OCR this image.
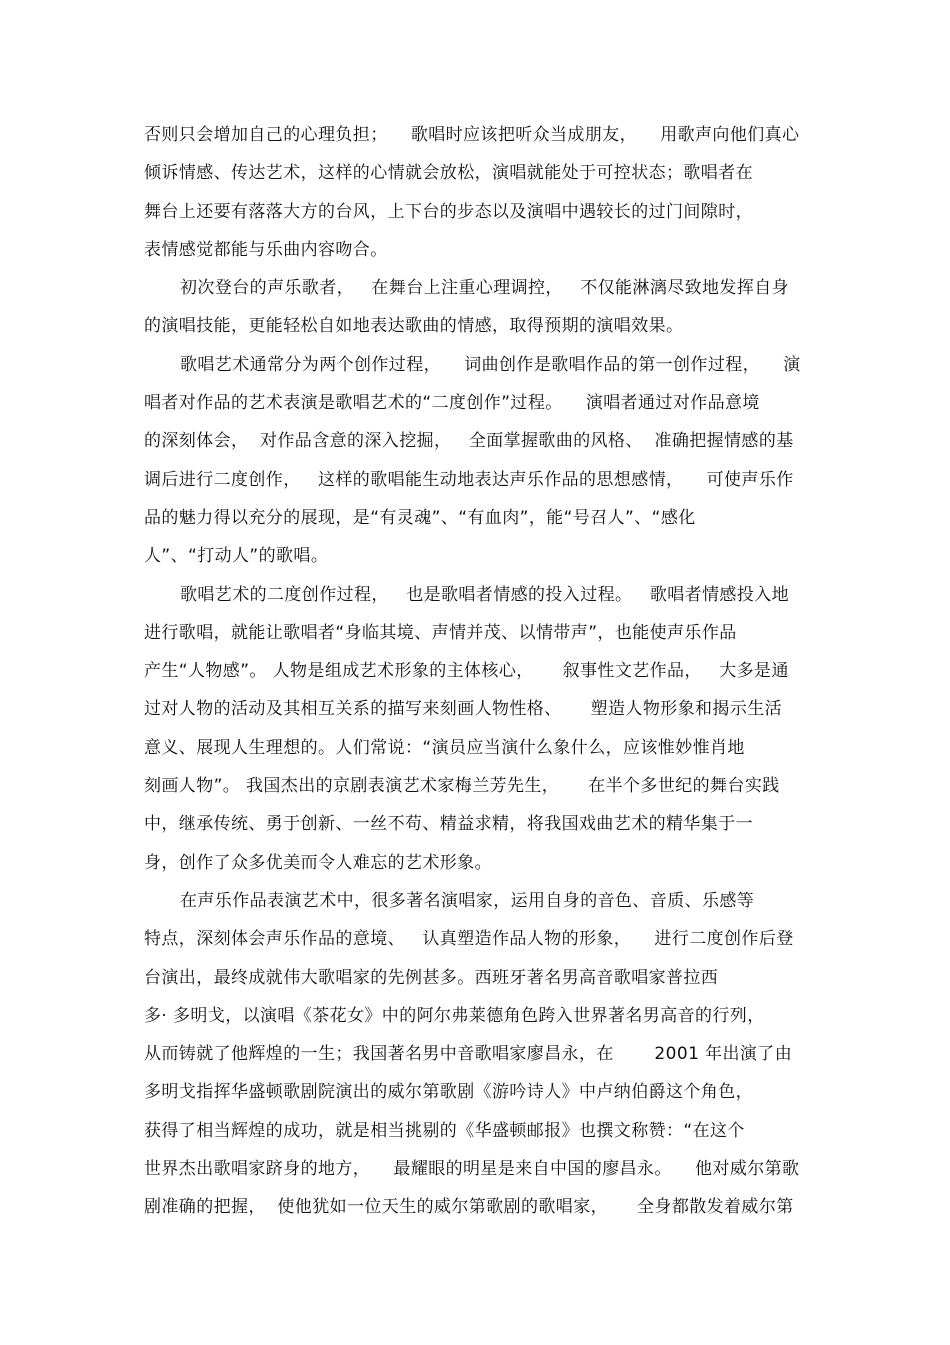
否则只会增加自己的心理负担；    歌唱时应该把听众当成朋友，    用歌声向他们真心
倾诉情感、传达艺术，这样的心情就会放松，演唱就能处于可控状态；歌唱者在
舞台上还要有落落大方的台风，上下台的步态以及演唱中遇较长的过门间隙时，
表情感觉都能与乐曲内容吻合。
初次登台的声乐歌者，   在舞台上注重心理调控，   不仅能淋漓尽致地发挥自身
的演唱技能，更能轻松自如地表达歌曲的情感，取得预期的演唱效果。
歌唱艺术通常分为两个创作过程，    词曲创作是歌唱作品的第一创作过程，    演
唱者对作品的艺术表演是歌唱艺术的“二度创作”过程。    演唱者通过对作品意境
的深刻体会，  对作品含意的深入挖掘，   全面掌握歌曲的风格、  准确把握情感的基
调后进行二度创作，   这样的歌唱能生动地表达声乐作品的思想感情，    可使声乐作
品的魅力得以充分的展现，是“有灵魂”、“有血肉”，能“号召人”、“感化
人”、“打动人”的歌唱。
歌唱艺术的二度创作过程，   也是歌唱者情感的投入过程。   歌唱者情感投入地
进行歌唱，就能让歌唱者“身临其境、声情并茂、以情带声”，也能使声乐作品
产生“人物感”。 人物是组成艺术形象的主体核心，     叙事性文艺作品，   大多是通
过对人物的活动及其相互关系的描写来刻画人物性格、     塑造人物形象和揭示生活
意义、展现人生理想的。人们常说：“演员应当演什么象什么，应该惟妙惟肖地
刻画人物”。 我国杰出的京剧表演艺术家梅兰芳先生，     在半个多世纪的舞台实践
中，继承传统、勇于创新、一丝不苟、精益求精，将我国戏曲艺术的精华集于一
身，创作了众多优美而令人难忘的艺术形象。
在声乐作品表演艺术中，很多著名演唱家，运用自身的音色、音质、乐感等
特点，深刻体会声乐作品的意境、   认真塑造作品人物的形象，    进行二度创作后登
台演出，最终成就伟大歌唱家的先例甚多。西班牙著名男高音歌唱家普拉西
多· 多明戈，以演唱《茶花女》中的阿尔弗莱德角色跨入世界著名男高音的行列，
从而铸就了他辉煌的一生；我国著名男中音歌唱家廖昌永，在       2001 年出演了由
多明戈指挥华盛顿歌剧院演出的威尔第歌剧《游吟诗人》中卢纳伯爵这个角色，
获得了相当辉煌的成功，就是相当挑剔的《华盛顿邮报》也撰文称赞：“在这个
世界杰出歌唱家跻身的地方，    最耀眼的明星是来自中国的廖昌永。    他对威尔第歌
剧准确的把握，  使他犹如一位天生的威尔第歌剧的歌唱家，     全身都散发着威尔第
